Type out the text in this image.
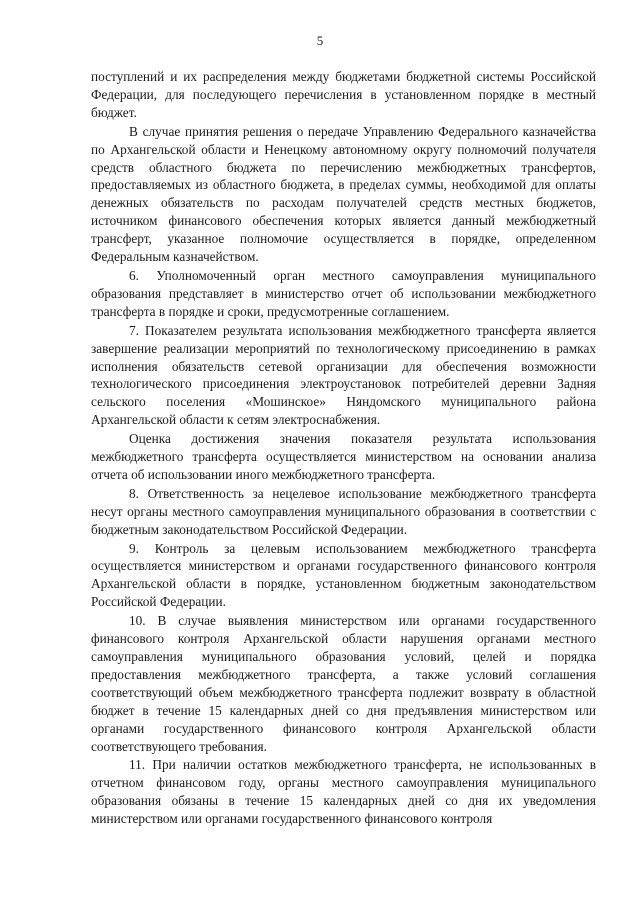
5

поступлений и их распределения между бюджетами бюджетной системы Российской Федерации, для последующего перечисления в установленном порядке в местный бюджет.

В случае принятия решения о передаче Управлению Федерального казначейства по Архангельской области и Ненецкому автономному округу полномочий получателя средств областного бюджета по перечислению межбюджетных трансфертов, предоставляемых из областного бюджета, в пределах суммы, необходимой для оплаты денежных обязательств по расходам получателей средств местных бюджетов, источником финансового обеспечения которых является данный межбюджетный трансферт, указанное полномочие осуществляется в порядке, определенном Федеральным казначейством.

6. Уполномоченный орган местного самоуправления муниципального образования представляет в министерство отчет об использовании межбюджетного трансферта в порядке и сроки, предусмотренные соглашением.

7. Показателем результата использования межбюджетного трансферта является завершение реализации мероприятий по технологическому присоединению в рамках исполнения обязательств сетевой организации для обеспечения возможности технологического присоединения электроустановок потребителей деревни Задняя сельского поселения «Мошинское» Няндомского муниципального района Архангельской области к сетям электроснабжения.

Оценка достижения значения показателя результата использования межбюджетного трансферта осуществляется министерством на основании анализа отчета об использовании иного межбюджетного трансферта.

8. Ответственность за нецелевое использование межбюджетного трансферта несут органы местного самоуправления муниципального образования в соответствии с бюджетным законодательством Российской Федерации.

9. Контроль за целевым использованием межбюджетного трансферта осуществляется министерством и органами государственного финансового контроля Архангельской области в порядке, установленном бюджетным законодательством Российской Федерации.

10. В случае выявления министерством или органами государственного финансового контроля Архангельской области нарушения органами местного самоуправления муниципального образования условий, целей и порядка предоставления межбюджетного трансферта, а также условий соглашения соответствующий объем межбюджетного трансферта подлежит возврату в областной бюджет в течение 15 календарных дней со дня предъявления министерством или органами государственного финансового контроля Архангельской области соответствующего требования.

11. При наличии остатков межбюджетного трансферта, не использованных в отчетном финансовом году, органы местного самоуправления муниципального образования обязаны в течение 15 календарных дней со дня их уведомления министерством или органами государственного финансового контроля
